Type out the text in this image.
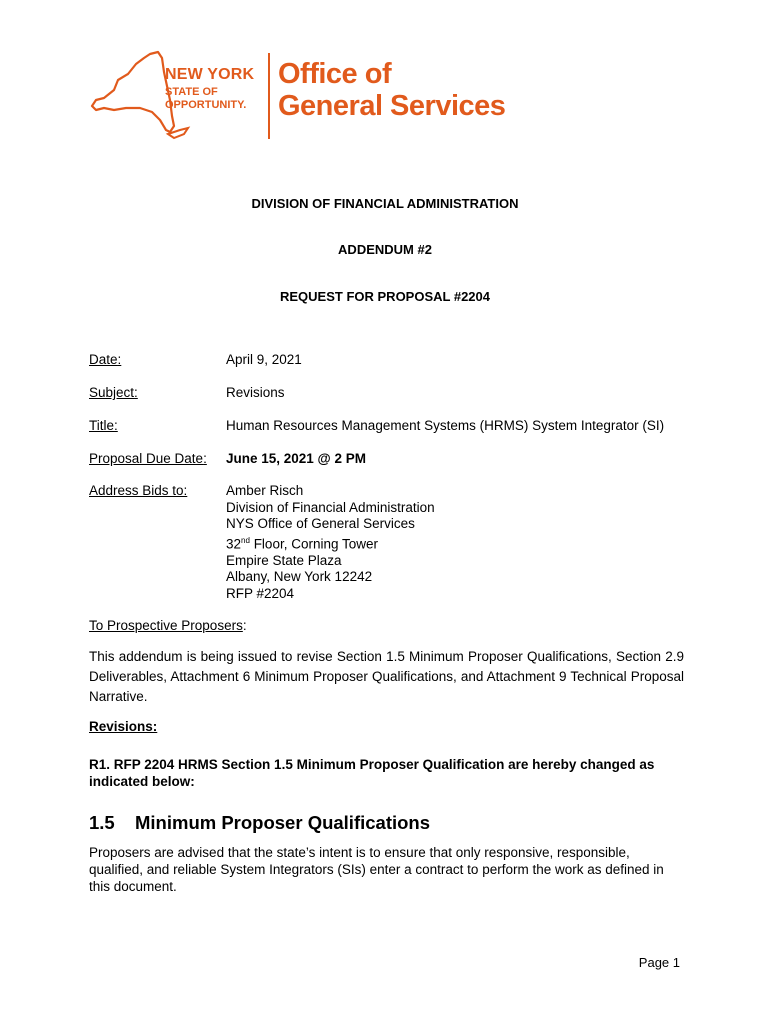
NEW YORK
STATE OF
OPPORTUNITY.
Office of
General Services
DIVISION OF FINANCIAL ADMINISTRATION
ADDENDUM #2
REQUEST FOR PROPOSAL #2204
Date:	April 9, 2021
Subject:	Revisions
Title:	Human Resources Management Systems (HRMS) System Integrator (SI)
Proposal Due Date: June 15, 2021 @ 2 PM
Address Bids to:	Amber Risch
Division of Financial Administration
NYS Office of General Services
32nd Floor, Corning Tower
Empire State Plaza
Albany, New York 12242
RFP #2204
To Prospective Proposers:
This addendum is being issued to revise Section 1.5 Minimum Proposer Qualifications, Section 2.9 Deliverables, Attachment 6 Minimum Proposer Qualifications, and Attachment 9 Technical Proposal Narrative.
Revisions:
R1. RFP 2204 HRMS Section 1.5 Minimum Proposer Qualification are hereby changed as indicated below:
1.5 Minimum Proposer Qualifications
Proposers are advised that the state’s intent is to ensure that only responsive, responsible, qualified, and reliable System Integrators (SIs) enter a contract to perform the work as defined in this document.
Page 1
